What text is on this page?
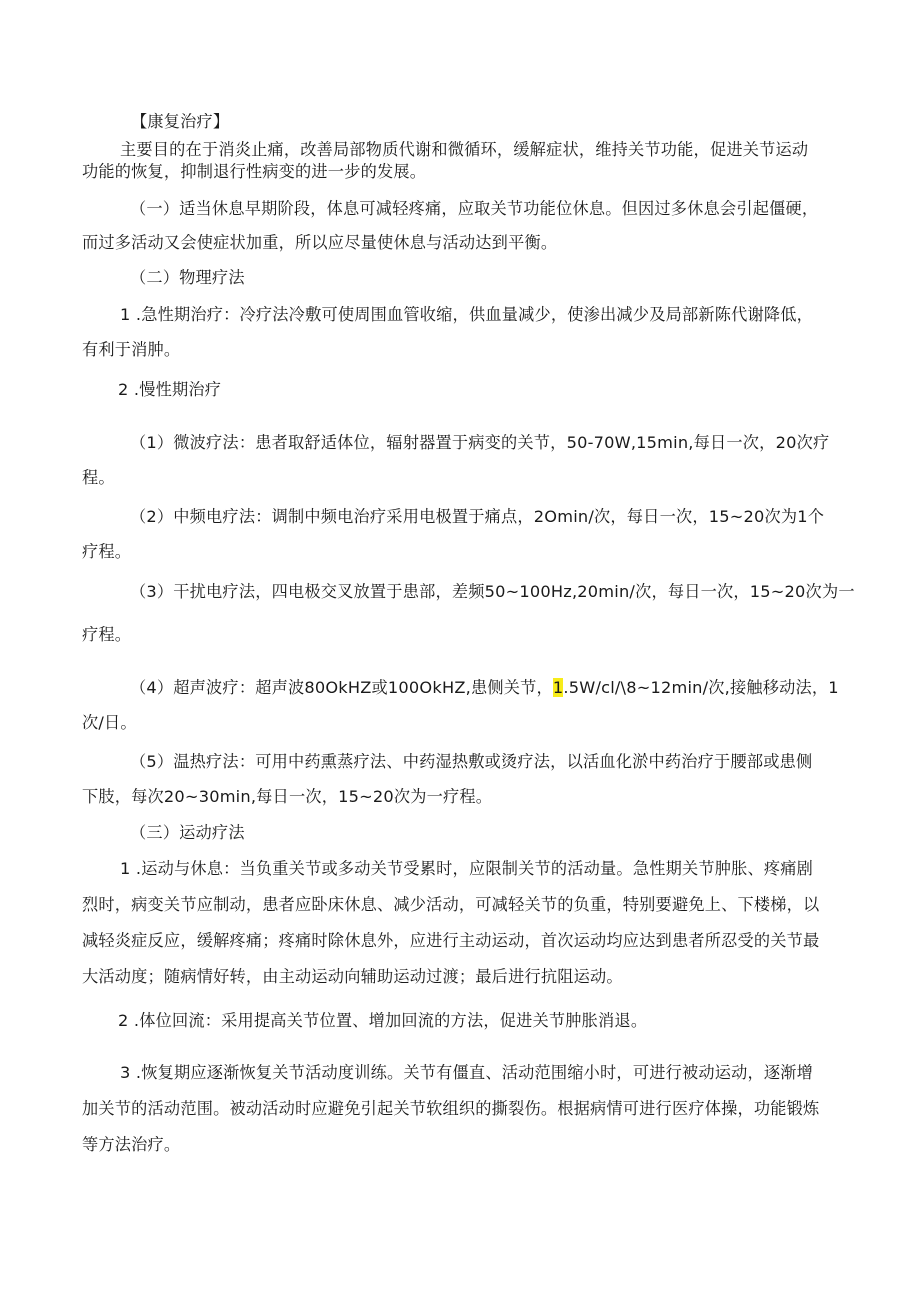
【康复治疗】
主要目的在于消炎止痛，改善局部物质代谢和微循环，缓解症状，维持关节功能，促进关节运动
功能的恢复，抑制退行性病变的进一步的发展。
（一）适当休息早期阶段，体息可减轻疼痛，应取关节功能位休息。但因过多休息会引起僵硬，
而过多活动又会使症状加重，所以应尽量使休息与活动达到平衡。
（二）物理疗法
1 .急性期治疗：冷疗法冷敷可使周围血管收缩，供血量减少，使渗出减少及局部新陈代谢降低，
有利于消肿。
2 .慢性期治疗
（1）微波疗法：患者取舒适体位，辐射器置于病变的关节，50-70W,15min,每日一次，20次疗
程。
（2）中频电疗法：调制中频电治疗采用电极置于痛点，2Omin/次，每日一次，15~20次为1个
疗程。
（3）干扰电疗法，四电极交叉放置于患部，差频50~100Hz,20min∕次，每日一次，15~20次为一
疗程。
（4）超声波疗：超声波80OkHZ或100OkHZ,患侧关节，1.5W∕cl∕\8~12min/次,接触移动法，1
次/日。
（5）温热疗法：可用中药熏蒸疗法、中药湿热敷或烫疗法，以活血化淤中药治疗于腰部或患侧
下肢，每次20~30min,每日一次，15~20次为一疗程。
（三）运动疗法
1 .运动与休息：当负重关节或多动关节受累时，应限制关节的活动量。急性期关节肿胀、疼痛剧
烈时，病变关节应制动，患者应卧床休息、减少活动，可减轻关节的负重，特别要避免上、下楼梯，以
减轻炎症反应，缓解疼痛；疼痛时除休息外，应进行主动运动，首次运动均应达到患者所忍受的关节最
大活动度；随病情好转，由主动运动向辅助运动过渡；最后进行抗阻运动。
2 .体位回流：采用提高关节位置、增加回流的方法，促进关节肿胀消退。
3 .恢复期应逐渐恢复关节活动度训练。关节有僵直、活动范围缩小时，可进行被动运动，逐渐增
加关节的活动范围。被动活动时应避免引起关节软组织的撕裂伤。根据病情可进行医疗体操，功能锻炼
等方法治疗。
